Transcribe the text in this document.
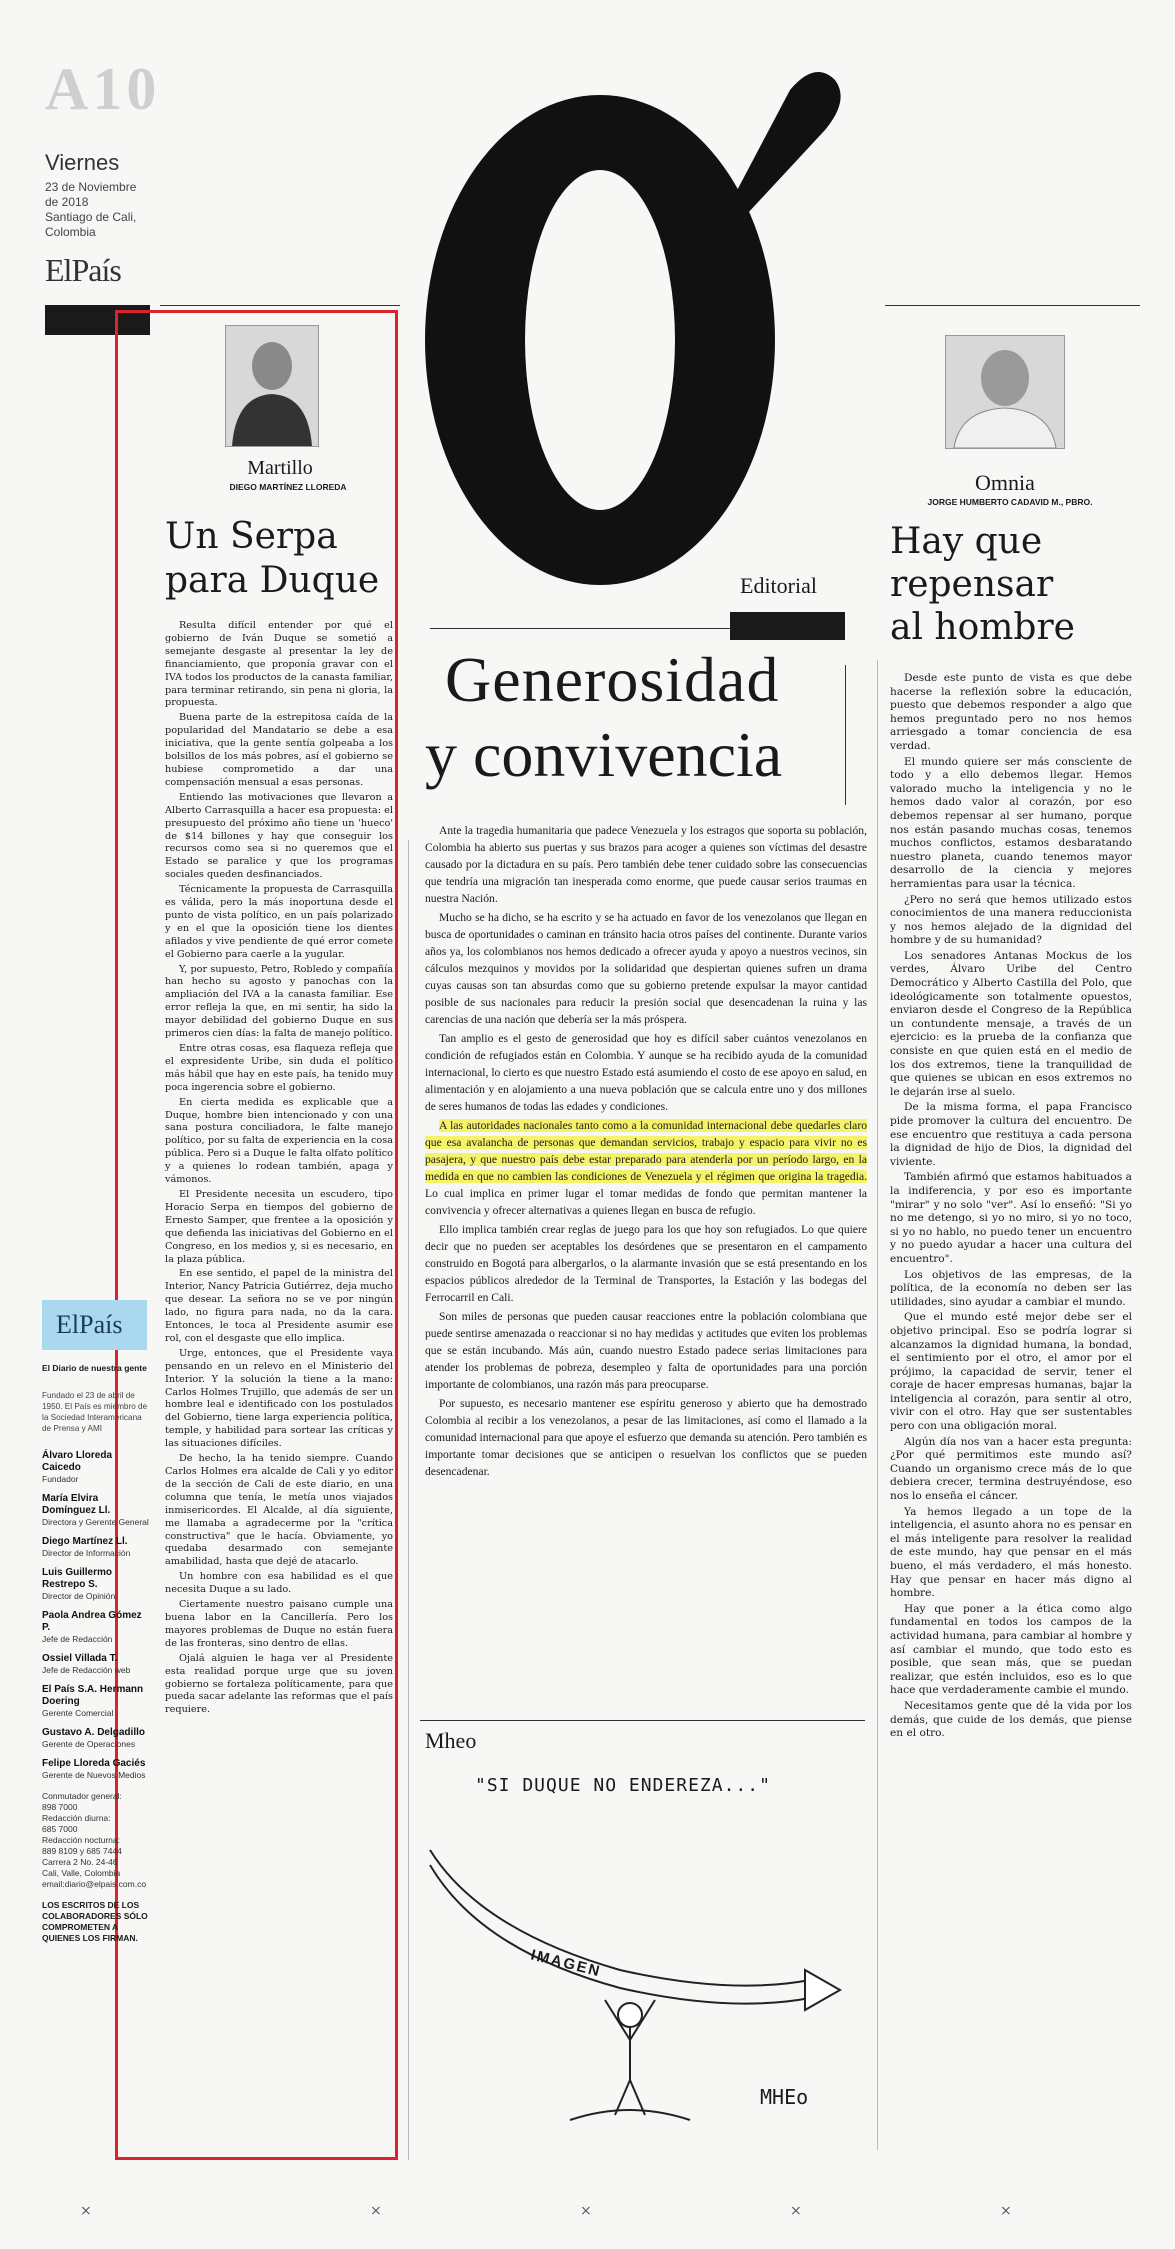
A10
Viernes
23 de Noviembre
de 2018
Santiago de Cali,
Colombia
ElPaís
Martillo
DIEGO MARTÍNEZ LLOREDA
Un Serpa para Duque

Resulta difícil entender por qué el gobierno de Iván Duque se sometió a semejante desgaste al presentar la ley de financiamiento, que proponía gravar con el IVA todos los productos de la canasta familiar, para terminar retirando, sin pena ni gloria, la propuesta.

Buena parte de la estrepitosa caída de la popularidad del Mandatario se debe a esa iniciativa, que la gente sentía golpeaba a los bolsillos de los más pobres, así el gobierno se hubiese comprometido a dar una compensación mensual a esas personas.

Entiendo las motivaciones que llevaron a Alberto Carrasquilla a hacer esa propuesta: el presupuesto del próximo año tiene un 'hueco' de $14 billones y hay que conseguir los recursos como sea si no queremos que el Estado se paralice y que los programas sociales queden desfinanciados.

Técnicamente la propuesta de Carrasquilla es válida, pero la más inoportuna desde el punto de vista político, en un país polarizado y en el que la oposición tiene los dientes afilados y vive pendiente de qué error comete el Gobierno para caerle a la yugular.

Y, por supuesto, Petro, Robledo y compañía han hecho su agosto y panochas con la ampliación del IVA a la canasta familiar. Ese error refleja la que, en mi sentir, ha sido la mayor debilidad del gobierno Duque en sus primeros cien días: la falta de manejo político.

Entre otras cosas, esa flaqueza refleja que el expresidente Uribe, sin duda el político más hábil que hay en este país, ha tenido muy poca ingerencia sobre el gobierno.

En cierta medida es explicable que a Duque, hombre bien intencionado y con una sana postura conciliadora, le falte manejo político, por su falta de experiencia en la cosa pública. Pero si a Duque le falta olfato político y a quienes lo rodean también, apaga y vámonos.

El Presidente necesita un escudero, tipo Horacio Serpa en tiempos del gobierno de Ernesto Samper, que frentee a la oposición y que defienda las iniciativas del Gobierno en el Congreso, en los medios y, si es necesario, en la plaza pública.

En ese sentido, el papel de la ministra del Interior, Nancy Patricia Gutiérrez, deja mucho que desear. La señora no se ve por ningún lado, no figura para nada, no da la cara. Entonces, le toca al Presidente asumir ese rol, con el desgaste que ello implica.

Urge, entonces, que el Presidente vaya pensando en un relevo en el Ministerio del Interior. Y la solución la tiene a la mano: Carlos Holmes Trujillo, que además de ser un hombre leal e identificado con los postulados del Gobierno, tiene larga experiencia política, temple, y habilidad para sortear las críticas y las situaciones difíciles.

De hecho, la ha tenido siempre. Cuando Carlos Holmes era alcalde de Cali y yo editor de la sección de Cali de este diario, en una columna que tenía, le metía unos viajados inmisericordes. El Alcalde, al día siguiente, me llamaba a agradecerme por la "crítica constructiva" que le hacía. Obviamente, yo quedaba desarmado con semejante amabilidad, hasta que dejé de atacarlo.

Un hombre con esa habilidad es el que necesita Duque a su lado.

Ciertamente nuestro paisano cumple una buena labor en la Cancillería. Pero los mayores problemas de Duque no están fuera de las fronteras, sino dentro de ellas.

Ojalá alguien le haga ver al Presidente esta realidad porque urge que su joven gobierno se fortaleza políticamente, para que pueda sacar adelante las reformas que el país requiere.

ElPaís
El Diario de nuestra gente
Fundado el 23 de abril de 1950. El País es miembro de la Sociedad Interamericana de Prensa y AMI

Álvaro Lloreda Caicedo

Fundador

María Elvira Domínguez Ll.

Directora y Gerente General

Diego Martínez Ll.

Director de Información

Luis Guillermo Restrepo S.

Director de Opinión

Paola Andrea Gómez P.

Jefe de Redacción

Ossiel Villada T.

Jefe de Redacción web

El País S.A. Hermann Doering

Gerente Comercial

Gustavo A. Delgadillo

Gerente de Operaciones

Felipe Lloreda Gaciés

Gerente de Nuevos Medios

Conmutador general:

898 7000

Redacción diurna:

685 7000

Redacción nocturna:

889 8109 y 685 7444

Carrera 2 No. 24-46

Cali, Valle, Colombia

email:diario@elpais.com.co

LOS ESCRITOS DE LOS COLABORADORES SÓLO COMPROMETEN A QUIENES LOS FIRMAN.

Editorial
Generosidad
y convivencia

Ante la tragedia humanitaria que padece Venezuela y los estragos que soporta su población, Colombia ha abierto sus puertas y sus brazos para acoger a quienes son víctimas del desastre causado por la dictadura en su país. Pero también debe tener cuidado sobre las consecuencias que tendría una migración tan inesperada como enorme, que puede causar serios traumas en nuestra Nación.

Mucho se ha dicho, se ha escrito y se ha actuado en favor de los venezolanos que llegan en busca de oportunidades o caminan en tránsito hacia otros países del continente. Durante varios años ya, los colombianos nos hemos dedicado a ofrecer ayuda y apoyo a nuestros vecinos, sin cálculos mezquinos y movidos por la solidaridad que despiertan quienes sufren un drama cuyas causas son tan absurdas como que su gobierno pretende expulsar la mayor cantidad posible de sus nacionales para reducir la presión social que desencadenan la ruina y las carencias de una nación que debería ser la más próspera.

Tan amplio es el gesto de generosidad que hoy es difícil saber cuántos venezolanos en condición de refugiados están en Colombia. Y aunque se ha recibido ayuda de la comunidad internacional, lo cierto es que nuestro Estado está asumiendo el costo de ese apoyo en salud, en alimentación y en alojamiento a una nueva población que se calcula entre uno y dos millones de seres humanos de todas las edades y condiciones.

A las autoridades nacionales tanto como a la comunidad internacional debe quedarles claro que esa avalancha de personas que demandan servicios, trabajo y espacio para vivir no es pasajera, y que nuestro país debe estar preparado para atenderla por un período largo, en la medida en que no cambien las condiciones de Venezuela y el régimen que origina la tragedia. Lo cual implica en primer lugar el tomar medidas de fondo que permitan mantener la convivencia y ofrecer alternativas a quienes llegan en busca de refugio.

Ello implica también crear reglas de juego para los que hoy son refugiados. Lo que quiere decir que no pueden ser aceptables los desórdenes que se presentaron en el campamento construido en Bogotá para albergarlos, o la alarmante invasión que se está presentando en los espacios públicos alrededor de la Terminal de Transportes, la Estación y las bodegas del Ferrocarril en Cali.

Son miles de personas que pueden causar reacciones entre la población colombiana que puede sentirse amenazada o reaccionar si no hay medidas y actitudes que eviten los problemas que se están incubando. Más aún, cuando nuestro Estado padece serias limitaciones para atender los problemas de pobreza, desempleo y falta de oportunidades para una porción importante de colombianos, una razón más para preocuparse.

Por supuesto, es necesario mantener ese espíritu generoso y abierto que ha demostrado Colombia al recibir a los venezolanos, a pesar de las limitaciones, así como el llamado a la comunidad internacional para que apoye el esfuerzo que demanda su atención. Pero también es importante tomar decisiones que se anticipen o resuelvan los conflictos que se pueden desencadenar.

Mheo
"SI DUQUE NO ENDEREZA..."
IMAGEN
MHEo
Omnia
JORGE HUMBERTO CADAVID M., PBRO.
Hay que repensar al hombre

Desde este punto de vista es que debe hacerse la reflexión sobre la educación, puesto que debemos responder a algo que hemos preguntado pero no nos hemos arriesgado a tomar conciencia de esa verdad.

El mundo quiere ser más consciente de todo y a ello debemos llegar. Hemos valorado mucho la inteligencia y no le hemos dado valor al corazón, por eso debemos repensar al ser humano, porque nos están pasando muchas cosas, tenemos muchos conflictos, estamos desbaratando nuestro planeta, cuando tenemos mayor desarrollo de la ciencia y mejores herramientas para usar la técnica.

¿Pero no será que hemos utilizado estos conocimientos de una manera reduccionista y nos hemos alejado de la dignidad del hombre y de su humanidad?

Los senadores Antanas Mockus de los verdes, Álvaro Uribe del Centro Democrático y Alberto Castilla del Polo, que ideológicamente son totalmente opuestos, enviaron desde el Congreso de la República un contundente mensaje, a través de un ejercicio: es la prueba de la confianza que consiste en que quien está en el medio de los dos extremos, tiene la tranquilidad de que quienes se ubican en esos extremos no le dejarán irse al suelo.

De la misma forma, el papa Francisco pide promover la cultura del encuentro. De ese encuentro que restituya a cada persona la dignidad de hijo de Dios, la dignidad del viviente.

También afirmó que estamos habituados a la indiferencia, y por eso es importante "mirar" y no solo "ver". Así lo enseñó: "Si yo no me detengo, si yo no miro, si yo no toco, si yo no hablo, no puedo tener un encuentro y no puedo ayudar a hacer una cultura del encuentro".

Los objetivos de las empresas, de la política, de la economía no deben ser las utilidades, sino ayudar a cambiar el mundo.

Que el mundo esté mejor debe ser el objetivo principal. Eso se podría lograr si alcanzamos la dignidad humana, la bondad, el sentimiento por el otro, el amor por el prójimo, la capacidad de servir, tener el coraje de hacer empresas humanas, bajar la inteligencia al corazón, para sentir al otro, vivir con el otro. Hay que ser sustentables pero con una obligación moral.

Algún día nos van a hacer esta pregunta: ¿Por qué permitimos este mundo así? Cuando un organismo crece más de lo que debiera crecer, termina destruyéndose, eso nos lo enseña el cáncer.

Ya hemos llegado a un tope de la inteligencia, el asunto ahora no es pensar en el más inteligente para resolver la realidad de este mundo, hay que pensar en el más bueno, el más verdadero, el más honesto. Hay que pensar en hacer más digno al hombre.

Hay que poner a la ética como algo fundamental en todos los campos de la actividad humana, para cambiar al hombre y así cambiar el mundo, que todo esto es posible, que sean más, que se puedan realizar, que estén incluidos, eso es lo que hace que verdaderamente cambie el mundo.

Necesitamos gente que dé la vida por los demás, que cuide de los demás, que piense en el otro.

×	×	×	×	×
